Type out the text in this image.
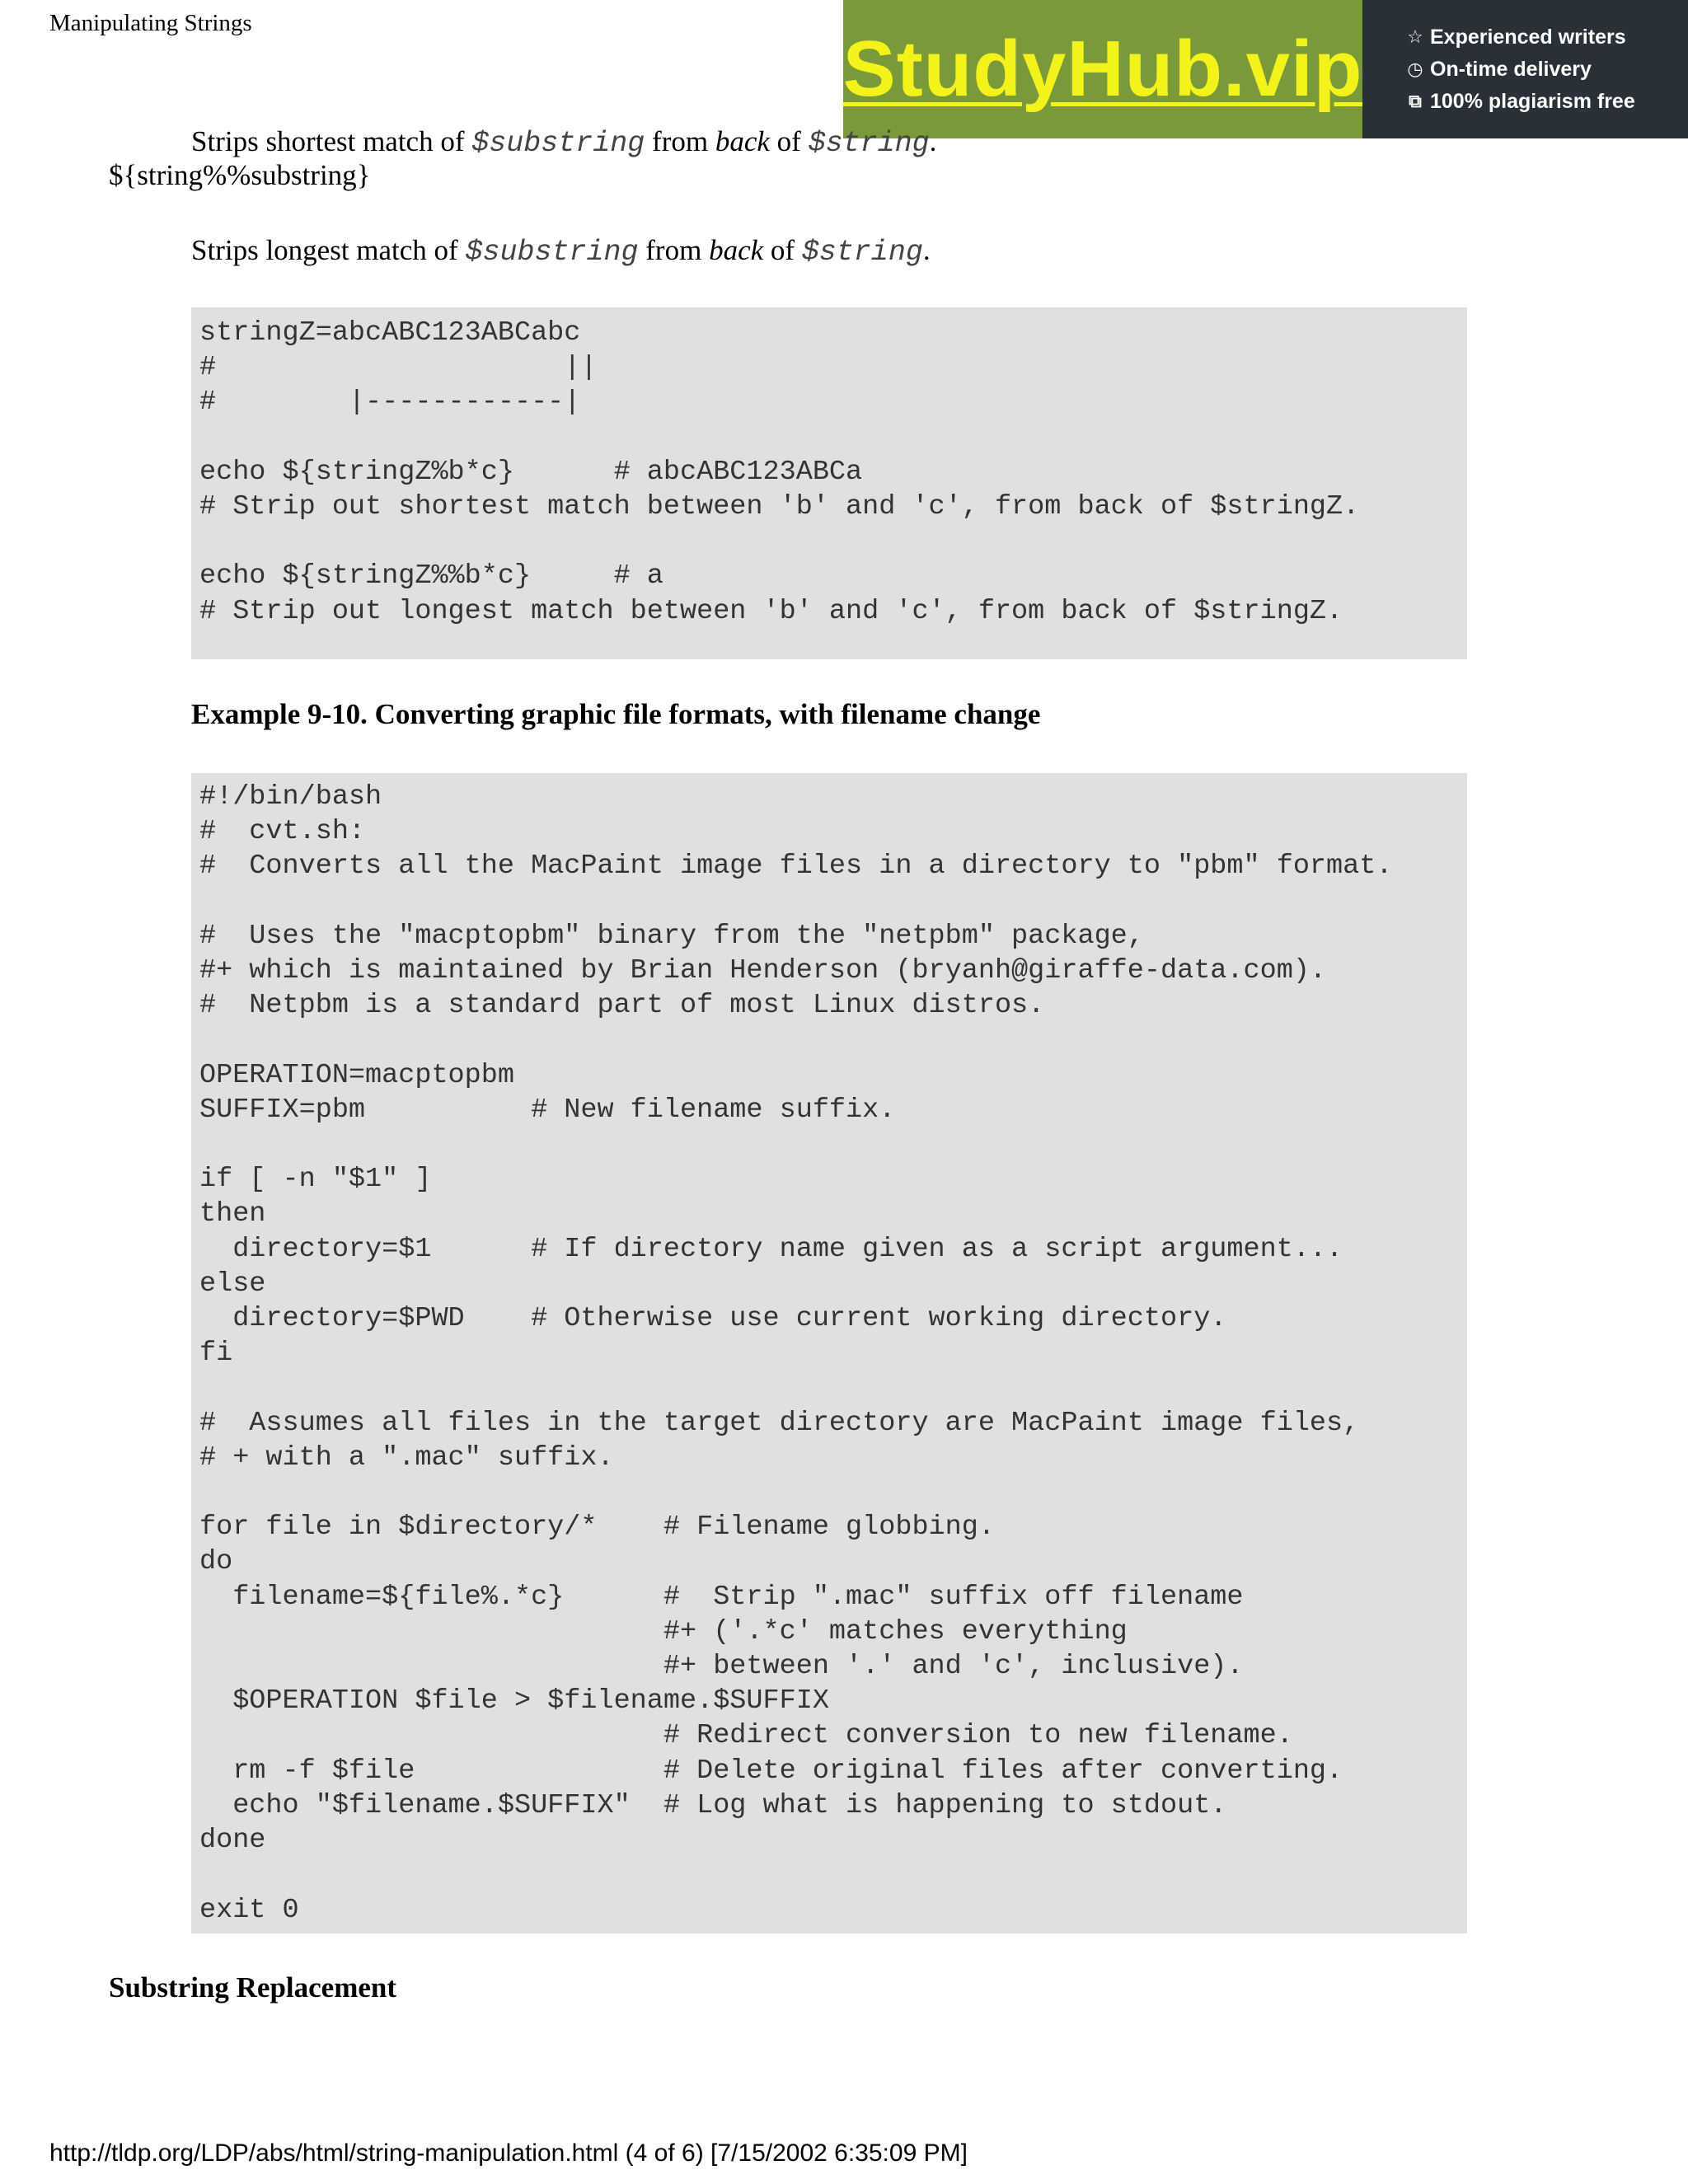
Manipulating Strings
StudyHub.vip ☆ Experienced writers
◷ On-time delivery
⧉ 100% plagiarism free
Strips shortest match of $substring from back of $string.
${string%%substring}
Strips longest match of $substring from back of $string.
stringZ=abcABC123ABCabc
#                     ||
#        |------------|

echo ${stringZ%b*c}      # abcABC123ABCa
# Strip out shortest match between 'b' and 'c', from back of $stringZ.

echo ${stringZ%%b*c}     # a
# Strip out longest match between 'b' and 'c', from back of $stringZ.
Example 9-10. Converting graphic file formats, with filename change
#!/bin/bash
#  cvt.sh:
#  Converts all the MacPaint image files in a directory to "pbm" format.

#  Uses the "macptopbm" binary from the "netpbm" package,
#+ which is maintained by Brian Henderson (bryanh@giraffe-data.com).
#  Netpbm is a standard part of most Linux distros.

OPERATION=macptopbm
SUFFIX=pbm          # New filename suffix.

if [ -n "$1" ]
then
directory=$1      # If directory name given as a script argument...
else
directory=$PWD    # Otherwise use current working directory.
fi

#  Assumes all files in the target directory are MacPaint image files,
# + with a ".mac" suffix.

for file in $directory/*    # Filename globbing.
do
filename=${file%.*c}      #  Strip ".mac" suffix off filename
#+ ('.*c' matches everything
#+ between '.' and 'c', inclusive).
$OPERATION $file > $filename.$SUFFIX
# Redirect conversion to new filename.
rm -f $file               # Delete original files after converting.
echo "$filename.$SUFFIX"  # Log what is happening to stdout.
done

exit 0
Substring Replacement
http://tldp.org/LDP/abs/html/string-manipulation.html (4 of 6) [7/15/2002 6:35:09 PM]
